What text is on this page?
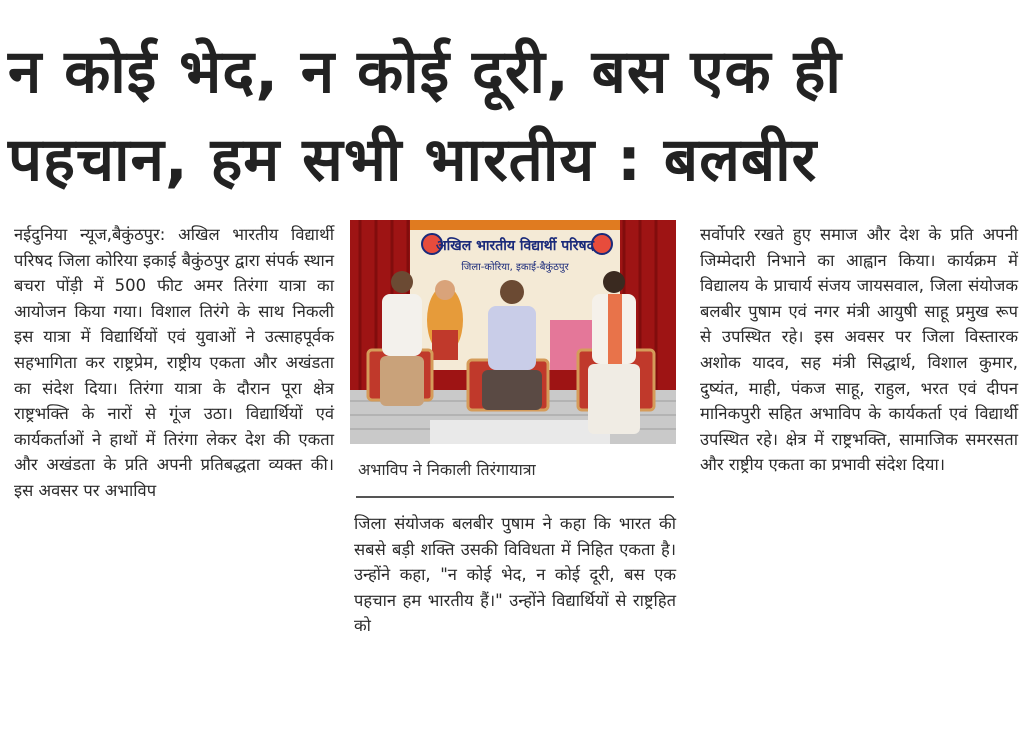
न कोई भेद, न कोई दूरी, बस एक ही
पहचान, हम सभी भारतीय : बलबीर

नईदुनिया न्यूज,बैकुंठपुर: अखिल भारतीय विद्यार्थी परिषद जिला कोरिया इकाई बैकुंठपुर द्वारा संपर्क स्थान बचरा पोंड़ी में 500 फीट अमर तिरंगा यात्रा का आयोजन किया गया। विशाल तिरंगे के साथ निकली इस यात्रा में विद्यार्थियों एवं युवाओं ने उत्साहपूर्वक सहभागिता कर राष्ट्रप्रेम, राष्ट्रीय एकता और अखंडता का संदेश दिया। तिरंगा यात्रा के दौरान पूरा क्षेत्र राष्ट्रभक्ति के नारों से गूंज उठा। विद्यार्थियों एवं कार्यकर्ताओं ने हाथों में तिरंगा लेकर देश की एकता और अखंडता के प्रति अपनी प्रतिबद्धता व्यक्त की। इस अवसर पर अभाविप

अखिल भारतीय विद्यार्थी परिषद
जिला-कोरिया, इकाई-बैकुंठपुर

अभाविप ने निकाली तिरंगायात्रा

जिला संयोजक बलबीर पुषाम ने कहा कि भारत की सबसे बड़ी शक्ति उसकी विविधता में निहित एकता है। उन्होंने कहा, "न कोई भेद, न कोई दूरी, बस एक पहचान हम भारतीय हैं।" उन्होंने विद्यार्थियों से राष्ट्रहित को

सर्वोपरि रखते हुए समाज और देश के प्रति अपनी जिम्मेदारी निभाने का आह्वान किया। कार्यक्रम में विद्यालय के प्राचार्य संजय जायसवाल, जिला संयोजक बलबीर पुषाम एवं नगर मंत्री आयुषी साहू प्रमुख रूप से उपस्थित रहे। इस अवसर पर जिला विस्तारक अशोक यादव, सह मंत्री सिद्धार्थ, विशाल कुमार, दुष्यंत, माही, पंकज साहू, राहुल, भरत एवं दीपन मानिकपुरी सहित अभाविप के कार्यकर्ता एवं विद्यार्थी उपस्थित रहे। क्षेत्र में राष्ट्रभक्ति, सामाजिक समरसता और राष्ट्रीय एकता का प्रभावी संदेश दिया।
